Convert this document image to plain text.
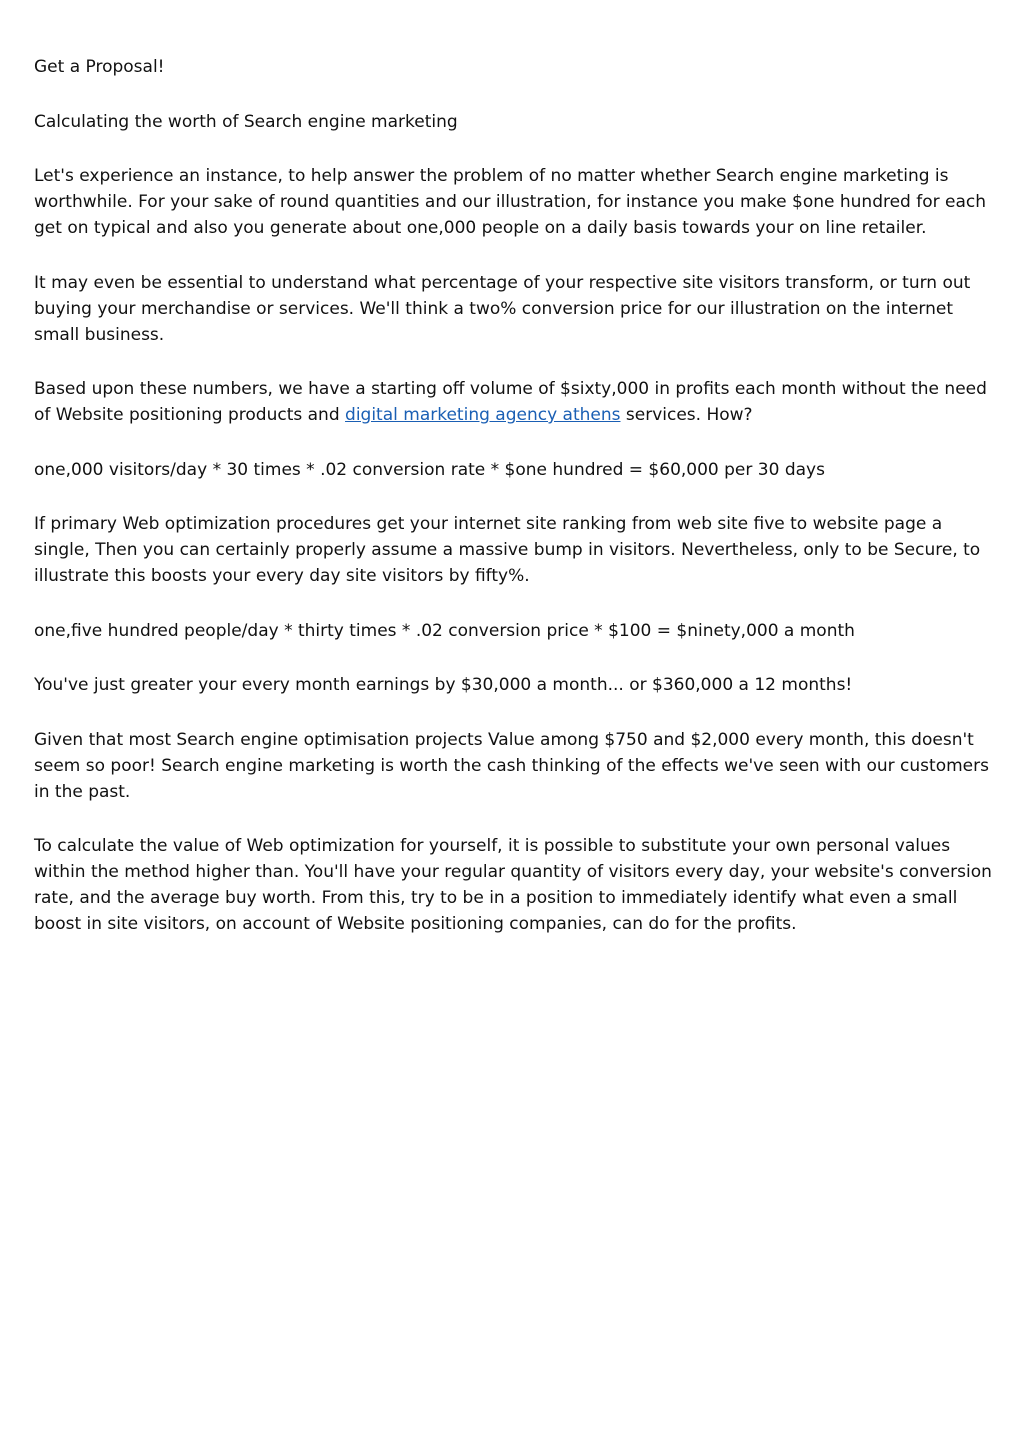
Get a Proposal!

Calculating the worth of Search engine marketing

Let's experience an instance, to help answer the problem of no matter whether Search engine marketing is worthwhile. For your sake of round quantities and our illustration, for instance you make $one hundred for each get on typical and also you generate about one,000 people on a daily basis towards your on line retailer.

It may even be essential to understand what percentage of your respective site visitors transform, or turn out buying your merchandise or services. We'll think a two% conversion price for our illustration on the internet small business.

Based upon these numbers, we have a starting off volume of $sixty,000 in profits each month without the need of Website positioning products and digital marketing agency athens services. How?

one,000 visitors/day * 30 times * .02 conversion rate * $one hundred = $60,000 per 30 days

If primary Web optimization procedures get your internet site ranking from web site five to website page a single, Then you can certainly properly assume a massive bump in visitors. Nevertheless, only to be Secure, to illustrate this boosts your every day site visitors by fifty%.

one,five hundred people/day * thirty times * .02 conversion price * $100 = $ninety,000 a month

You've just greater your every month earnings by $30,000 a month... or $360,000 a 12 months!

Given that most Search engine optimisation projects Value among $750 and $2,000 every month, this doesn't seem so poor! Search engine marketing is worth the cash thinking of the effects we've seen with our customers in the past.

To calculate the value of Web optimization for yourself, it is possible to substitute your own personal values within the method higher than. You'll have your regular quantity of visitors every day, your website's conversion rate, and the average buy worth. From this, try to be in a position to immediately identify what even a small boost in site visitors, on account of Website positioning companies, can do for the profits.
